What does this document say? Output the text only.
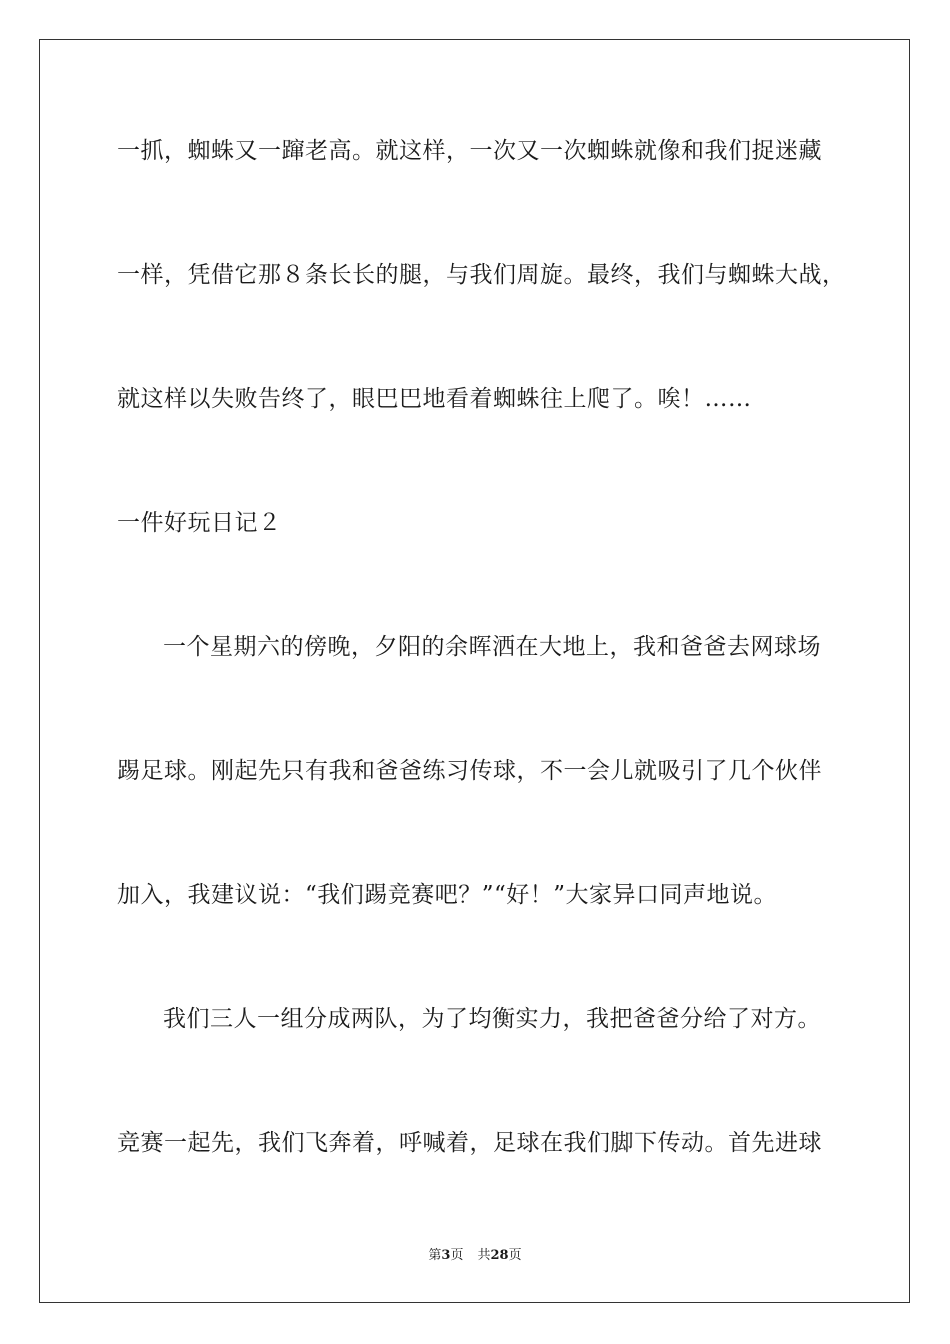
一抓，蜘蛛又一蹿老高。就这样，一次又一次蜘蛛就像和我们捉迷藏
一样，凭借它那８条长长的腿，与我们周旋。最终，我们与蜘蛛大战，
就这样以失败告终了，眼巴巴地看着蜘蛛往上爬了。唉！……
一件好玩日记２
一个星期六的傍晚，夕阳的余晖洒在大地上，我和爸爸去网球场
踢足球。刚起先只有我和爸爸练习传球，不一会儿就吸引了几个伙伴
加入，我建议说：“我们踢竞赛吧？”“好！”大家异口同声地说。
我们三人一组分成两队，为了均衡实力，我把爸爸分给了对方。
竞赛一起先，我们飞奔着，呼喊着，足球在我们脚下传动。首先进球
第3页 共28页
